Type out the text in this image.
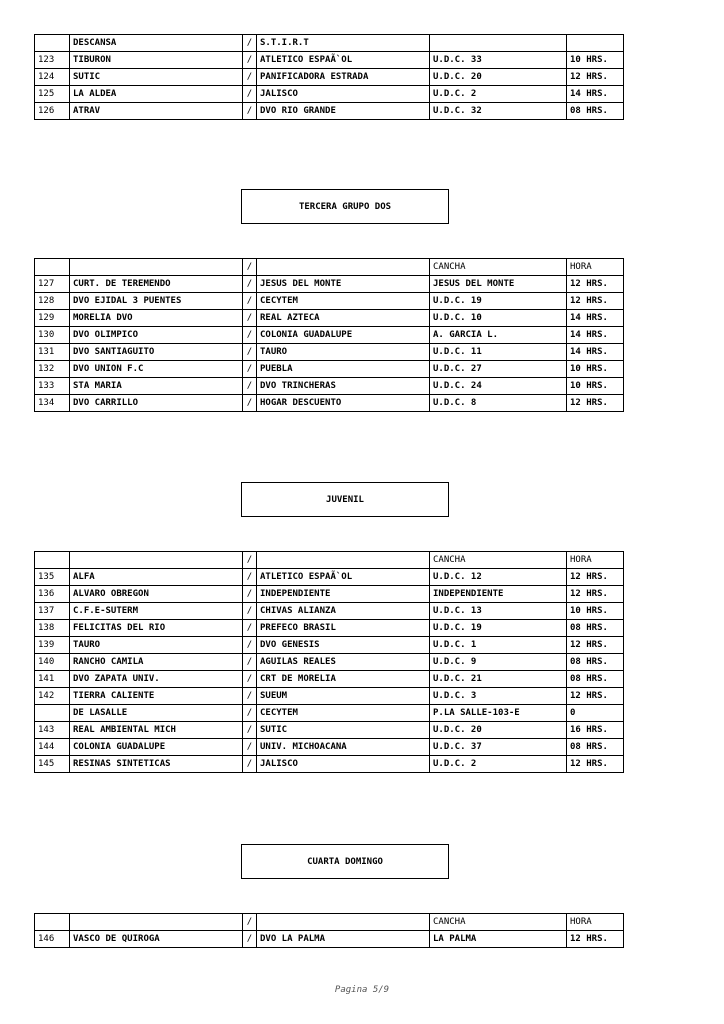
	DESCANSA	/	S.T.I.R.T		
123	TIBURON	/	ATLETICO ESPAÃ`OL	U.D.C. 33	10 HRS.
124	SUTIC	/	PANIFICADORA ESTRADA	U.D.C. 20	12 HRS.
125	LA ALDEA	/	JALISCO	U.D.C. 2	14 HRS.
126	ATRAV	/	DVO RIO GRANDE	U.D.C. 32	08 HRS.
TERCERA GRUPO DOS
		/		CANCHA	HORA
127	CURT. DE TEREMENDO	/	JESUS DEL MONTE	JESUS DEL MONTE	12 HRS.
128	DVO EJIDAL 3 PUENTES	/	CECYTEM	U.D.C. 19	12 HRS.
129	MORELIA DVO	/	REAL AZTECA	U.D.C. 10	14 HRS.
130	DVO OLIMPICO	/	COLONIA GUADALUPE	A. GARCIA L.	14 HRS.
131	DVO SANTIAGUITO	/	TAURO	U.D.C. 11	14 HRS.
132	DVO UNION F.C	/	PUEBLA	U.D.C. 27	10 HRS.
133	STA MARIA	/	DVO TRINCHERAS	U.D.C. 24	10 HRS.
134	DVO CARRILLO	/	HOGAR DESCUENTO	U.D.C. 8	12 HRS.
JUVENIL
		/		CANCHA	HORA
135	ALFA	/	ATLETICO ESPAÃ`OL	U.D.C. 12	12 HRS.
136	ALVARO OBREGON	/	INDEPENDIENTE	INDEPENDIENTE	12 HRS.
137	C.F.E-SUTERM	/	CHIVAS ALIANZA	U.D.C. 13	10 HRS.
138	FELICITAS DEL RIO	/	PREFECO BRASIL	U.D.C. 19	08 HRS.
139	TAURO	/	DVO GENESIS	U.D.C. 1	12 HRS.
140	RANCHO CAMILA	/	AGUILAS REALES	U.D.C. 9	08 HRS.
141	DVO ZAPATA UNIV.	/	CRT DE MORELIA	U.D.C. 21	08 HRS.
142	TIERRA CALIENTE	/	SUEUM	U.D.C. 3	12 HRS.
	DE LASALLE	/	CECYTEM	P.LA SALLE-103-E	0
143	REAL AMBIENTAL MICH	/	SUTIC	U.D.C. 20	16 HRS.
144	COLONIA GUADALUPE	/	UNIV. MICHOACANA	U.D.C. 37	08 HRS.
145	RESINAS SINTETICAS	/	JALISCO	U.D.C. 2	12 HRS.
CUARTA DOMINGO
		/		CANCHA	HORA
146	VASCO DE QUIROGA	/	DVO LA PALMA	LA PALMA	12 HRS.
Pagina 5/9
